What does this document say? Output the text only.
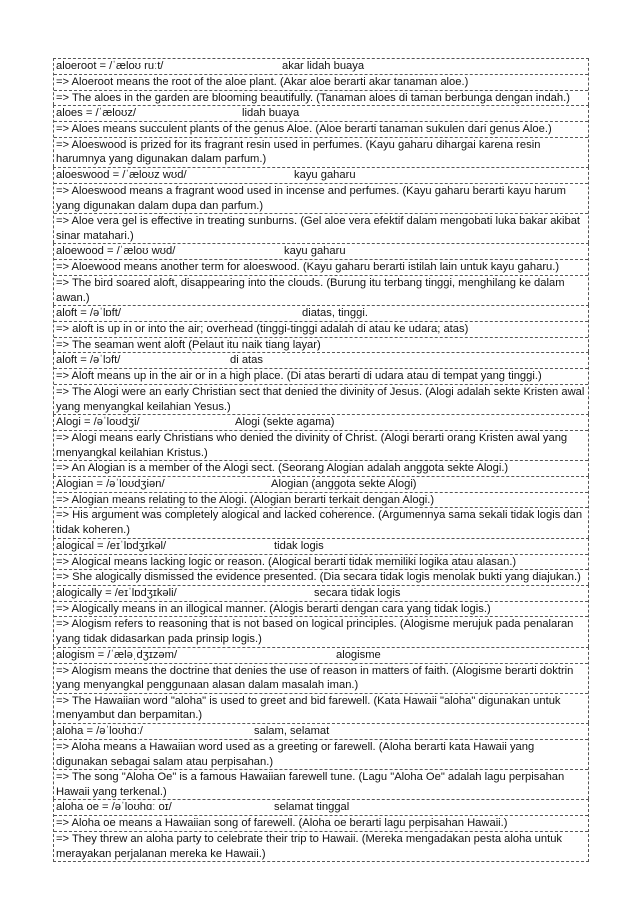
aloeroot = /ˈæloʊ ruːt/	akar lidah buaya
=> Aloeroot means the root of the aloe plant. (Akar aloe berarti akar tanaman aloe.)
=> The aloes in the garden are blooming beautifully. (Tanaman aloes di taman berbunga dengan indah.)
aloes = /ˈæloʊz/	lidah buaya
=> Aloes means succulent plants of the genus Aloe. (Aloe berarti tanaman sukulen dari genus Aloe.)
=> Aloeswood is prized for its fragrant resin used in perfumes. (Kayu gaharu dihargai karena resin harumnya yang digunakan dalam parfum.)
aloeswood = /ˈæloʊz wʊd/	kayu gaharu
=> Aloeswood means a fragrant wood used in incense and perfumes. (Kayu gaharu berarti kayu harum yang digunakan dalam dupa dan parfum.)
=> Aloe vera gel is effective in treating sunburns. (Gel aloe vera efektif dalam mengobati luka bakar akibat sinar matahari.)
aloewood = /ˈæloʊ wʊd/	kayu gaharu
=> Aloewood means another term for aloeswood. (Kayu gaharu berarti istilah lain untuk kayu gaharu.)
=> The bird soared aloft, disappearing into the clouds. (Burung itu terbang tinggi, menghilang ke dalam awan.)
aloft = /əˈlɒft/	diatas, tinggi.
=> aloft is up in or into the air; overhead (tinggi-tinggi adalah di atau ke udara; atas)
=> The seaman went aloft (Pelaut itu naik tiang layar)
aloft = /əˈlɔft/	di atas
=> Aloft means up in the air or in a high place. (Di atas berarti di udara atau di tempat yang tinggi.)
=> The Alogi were an early Christian sect that denied the divinity of Jesus. (Alogi adalah sekte Kristen awal yang menyangkal keilahian Yesus.)
Alogi = /əˈloʊdʒi/	Alogi (sekte agama)
=> Alogi means early Christians who denied the divinity of Christ. (Alogi berarti orang Kristen awal yang menyangkal keilahian Kristus.)
=> An Alogian is a member of the Alogi sect. (Seorang Alogian adalah anggota sekte Alogi.)
Alogian = /əˈloʊdʒiən/	Alogian (anggota sekte Alogi)
=> Alogian means relating to the Alogi. (Alogian berarti terkait dengan Alogi.)
=> His argument was completely alogical and lacked coherence. (Argumennya sama sekali tidak logis dan tidak koheren.)
alogical = /eɪˈlɒdʒɪkəl/	tidak logis
=> Alogical means lacking logic or reason. (Alogical berarti tidak memiliki logika atau alasan.)
=> She alogically dismissed the evidence presented. (Dia secara tidak logis menolak bukti yang diajukan.)
alogically = /eɪˈlɒdʒɪkəli/	secara tidak logis
=> Alogically means in an illogical manner. (Alogis berarti dengan cara yang tidak logis.)
=> Alogism refers to reasoning that is not based on logical principles. (Alogisme merujuk pada penalaran yang tidak didasarkan pada prinsip logis.)
alogism = /ˈæləˌdʒɪzəm/	alogisme
=> Alogism means the doctrine that denies the use of reason in matters of faith. (Alogisme berarti doktrin yang menyangkal penggunaan alasan dalam masalah iman.)
=> The Hawaiian word "aloha" is used to greet and bid farewell. (Kata Hawaii "aloha" digunakan untuk menyambut dan berpamitan.)
aloha = /əˈloʊhɑː/	salam, selamat
=> Aloha means a Hawaiian word used as a greeting or farewell. (Aloha berarti kata Hawaii yang digunakan sebagai salam atau perpisahan.)
=> The song "Aloha Oe" is a famous Hawaiian farewell tune. (Lagu "Aloha Oe" adalah lagu perpisahan Hawaii yang terkenal.)
aloha oe = /əˈloʊhɑː oɪ/	selamat tinggal
=> Aloha oe means a Hawaiian song of farewell. (Aloha oe berarti lagu perpisahan Hawaii.)
=> They threw an aloha party to celebrate their trip to Hawaii. (Mereka mengadakan pesta aloha untuk merayakan perjalanan mereka ke Hawaii.)
